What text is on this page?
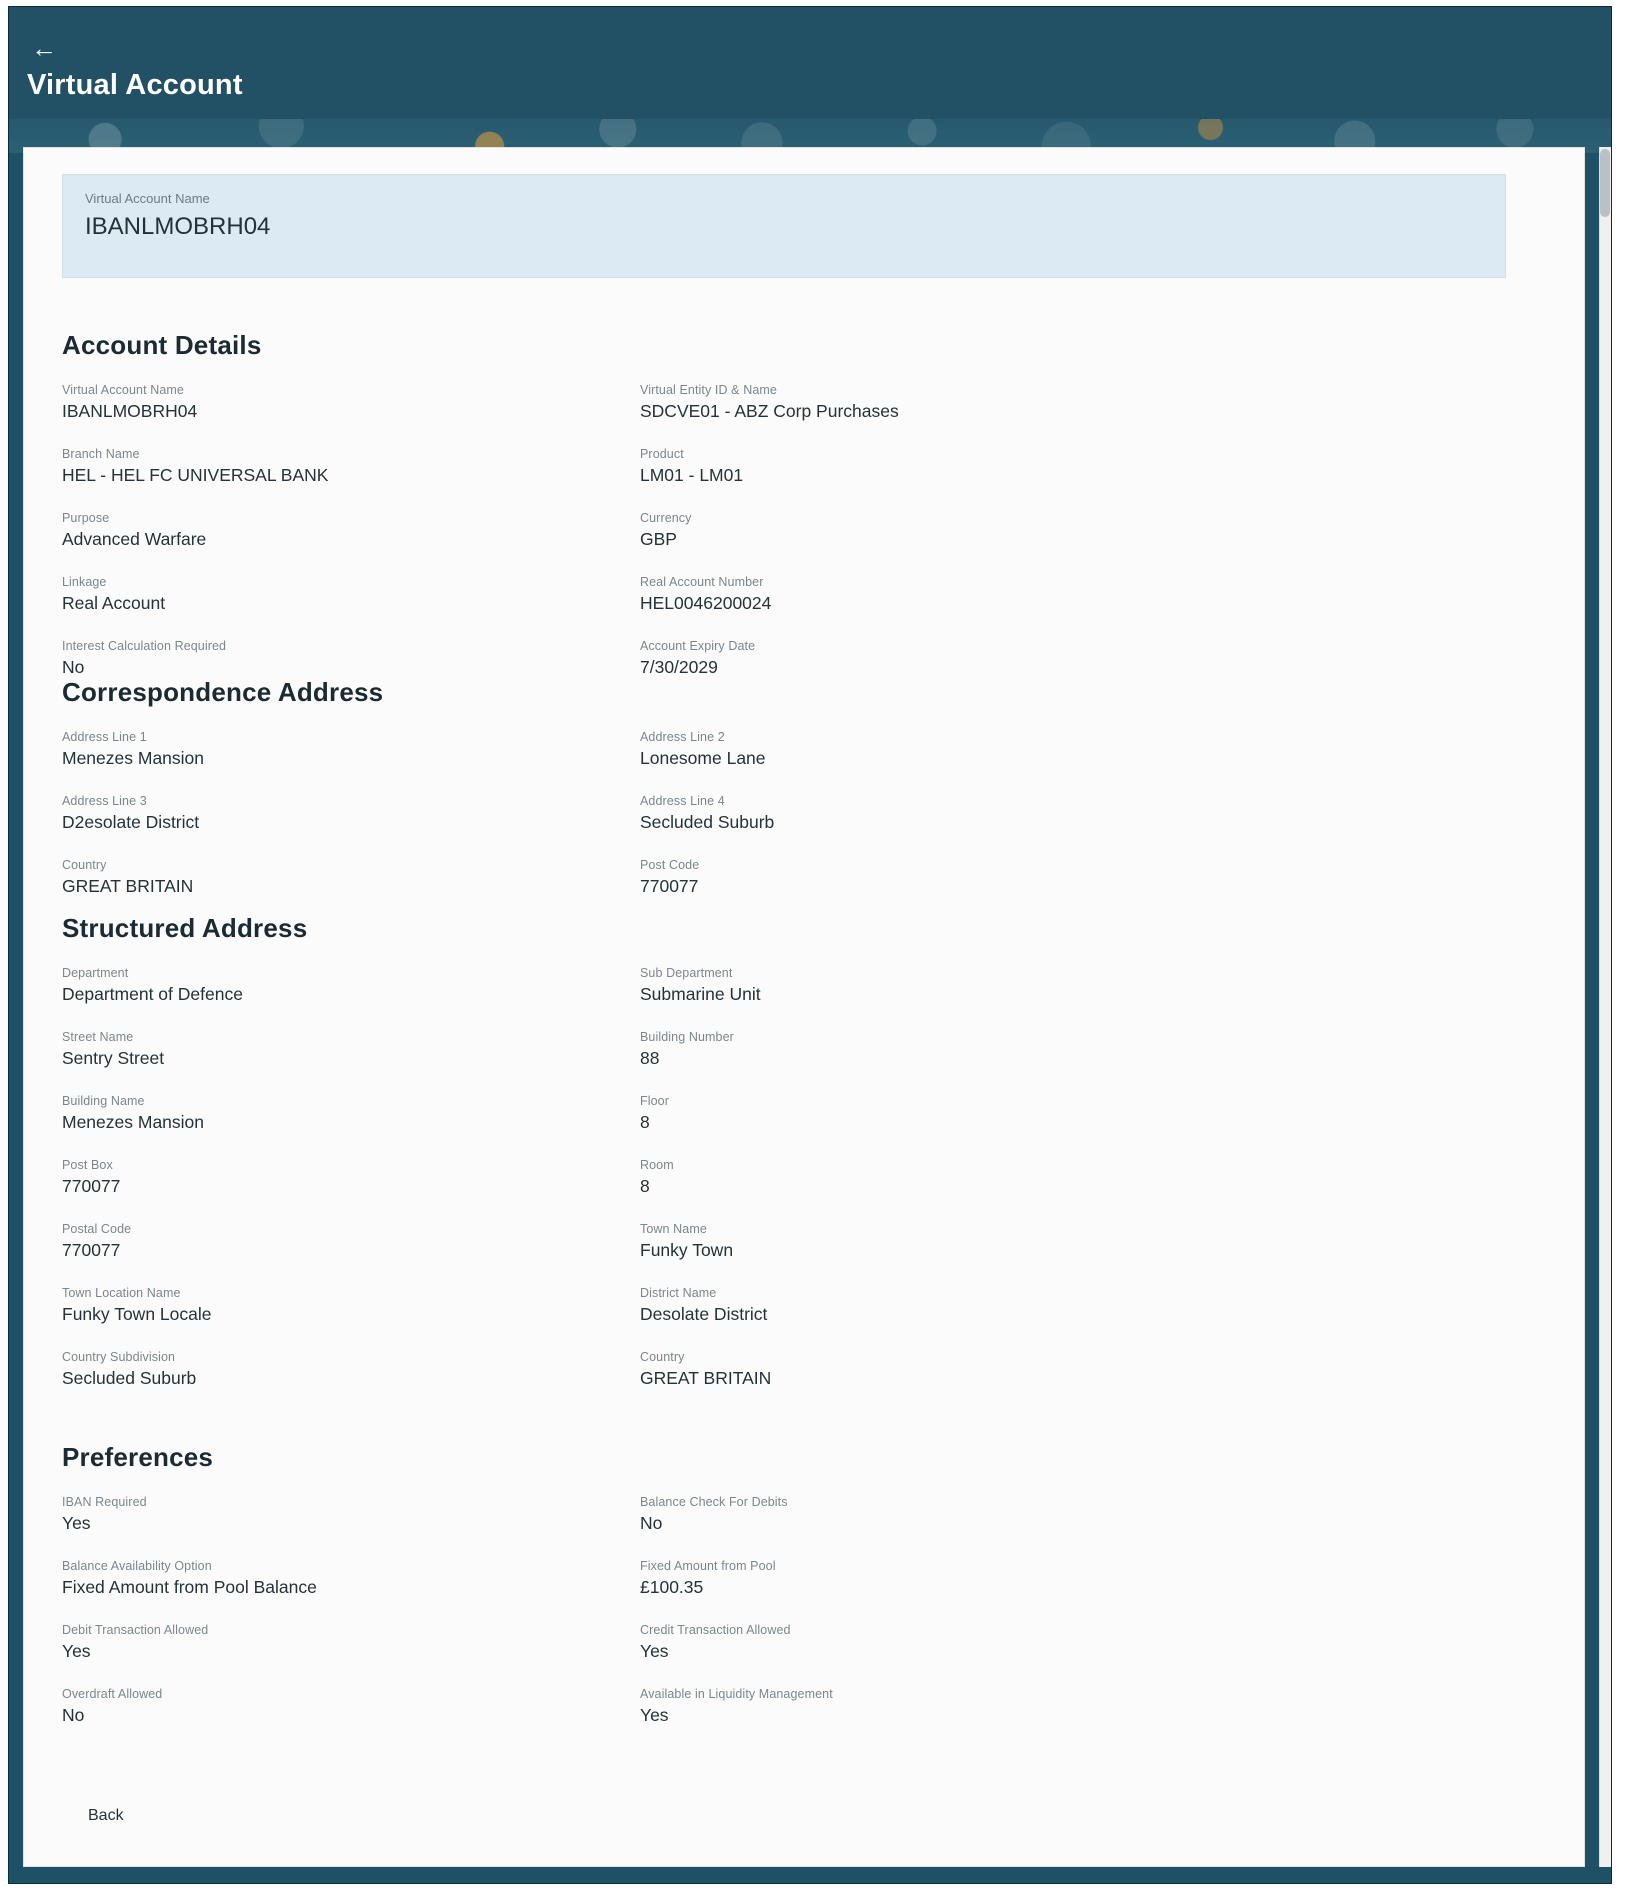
←
Virtual Account
Virtual Account Name
IBANLMOBRH04
Account Details
Virtual Account Name
IBANLMOBRH04
Virtual Entity ID & Name
SDCVE01 - ABZ Corp Purchases
Branch Name
HEL - HEL FC UNIVERSAL BANK
Product
LM01 - LM01
Purpose
Advanced Warfare
Currency
GBP
Linkage
Real Account
Real Account Number
HEL0046200024
Interest Calculation Required
No
Account Expiry Date
7/30/2029
Correspondence Address
Address Line 1
Menezes Mansion
Address Line 2
Lonesome Lane
Address Line 3
D2esolate District
Address Line 4
Secluded Suburb
Country
GREAT BRITAIN
Post Code
770077
Structured Address
Department
Department of Defence
Sub Department
Submarine Unit
Street Name
Sentry Street
Building Number
88
Building Name
Menezes Mansion
Floor
8
Post Box
770077
Room
8
Postal Code
770077
Town Name
Funky Town
Town Location Name
Funky Town Locale
District Name
Desolate District
Country Subdivision
Secluded Suburb
Country
GREAT BRITAIN
Preferences
IBAN Required
Yes
Balance Check For Debits
No
Balance Availability Option
Fixed Amount from Pool Balance
Fixed Amount from Pool
£100.35
Debit Transaction Allowed
Yes
Credit Transaction Allowed
Yes
Overdraft Allowed
No
Available in Liquidity Management
Yes
Back
